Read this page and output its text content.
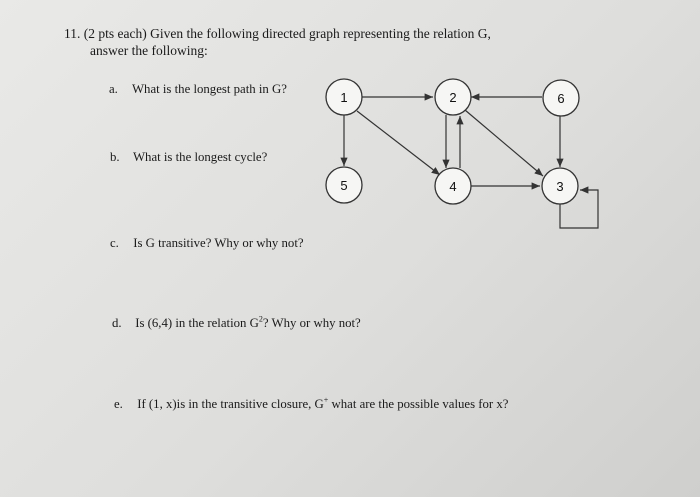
11. (2 pts each) Given the following directed graph representing the relation G,
answer the following:
a. What is the longest path in G?
b. What is the longest cycle?
c. Is G transitive? Why or why not?
d. Is (6,4) in the relation $G^2$? Why or why not?
e. If (1, x)is in the transitive closure, G+ what are the possible values for x?
1	2	6
5	4	3
